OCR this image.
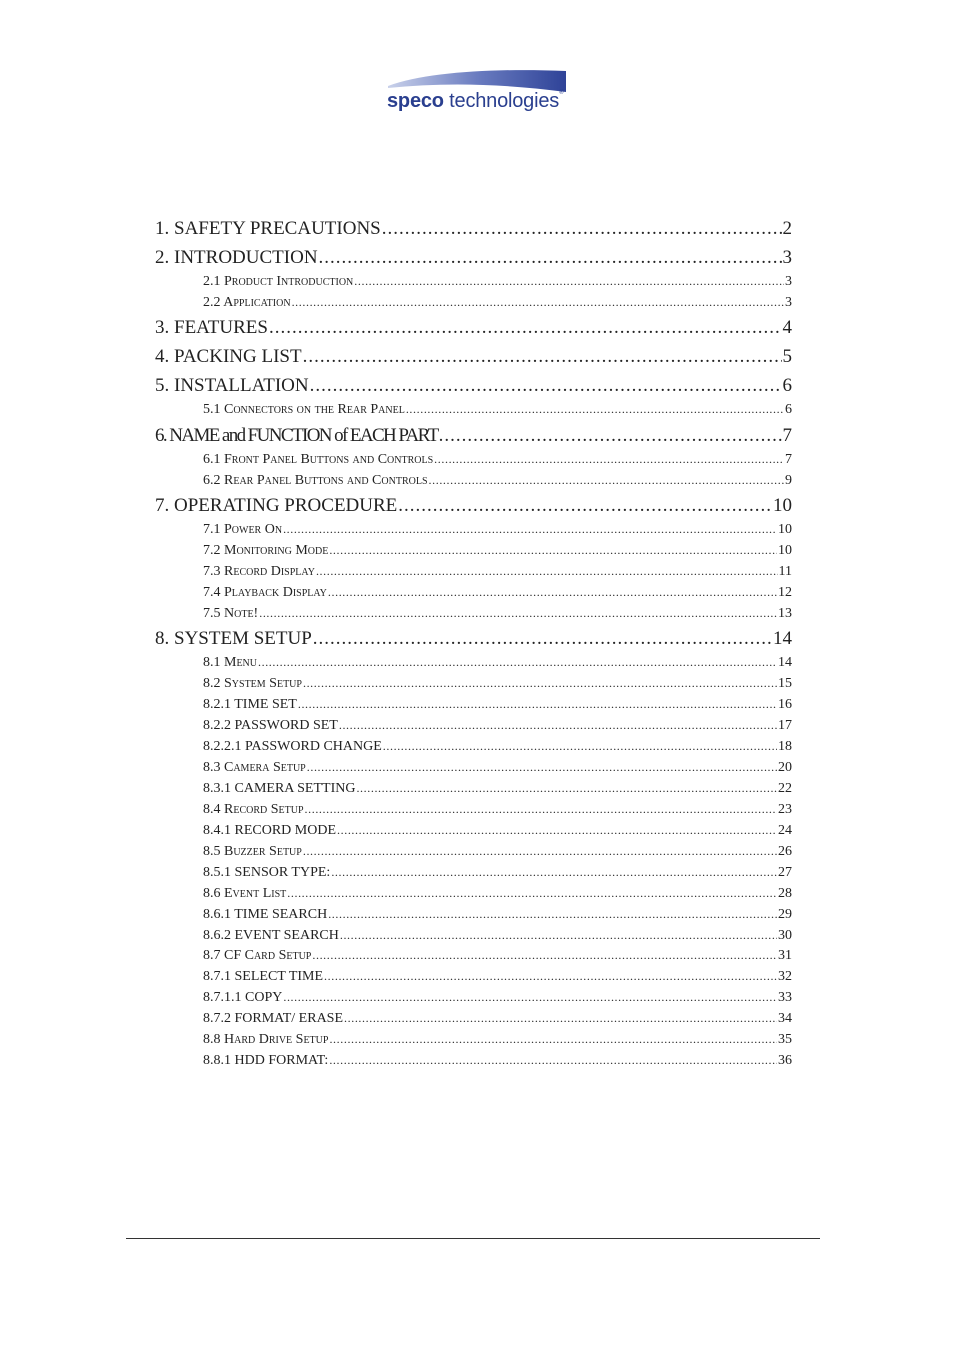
speco technologies®
1. SAFETY PRECAUTIONS .....	2
2. INTRODUCTION .....	3
2.1 Product Introduction .....	3
2.2 Application .....	3
3. FEATURES .....	4
4. PACKING LIST .....	5
5. INSTALLATION .....	6
5.1 Connectors on the Rear Panel .....	6
6. NAME and FUNCTION of EACH PART .....	7
6.1 Front Panel Buttons and Controls .....	7
6.2 Rear Panel Buttons and Controls .....	9
7. OPERATING PROCEDURE .....	10
7.1 Power On .....	10
7.2 Monitoring Mode .....	10
7.3 Record Display .....	11
7.4 Playback Display .....	12
7.5 Note! .....	13
8. SYSTEM SETUP .....	14
8.1 Menu .....	14
8.2 System Setup .....	15
8.2.1 TIME SET .....	16
8.2.2 PASSWORD SET .....	17
8.2.2.1 PASSWORD CHANGE .....	18
8.3 Camera Setup .....	20
8.3.1 CAMERA SETTING .....	22
8.4 Record Setup .....	23
8.4.1 RECORD MODE .....	24
8.5 Buzzer Setup .....	26
8.5.1 SENSOR TYPE: .....	27
8.6 Event List .....	28
8.6.1 TIME SEARCH .....	29
8.6.2 EVENT SEARCH .....	30
8.7 CF Card Setup .....	31
8.7.1 SELECT TIME .....	32
8.7.1.1 COPY .....	33
8.7.2 FORMAT/ ERASE .....	34
8.8 Hard Drive Setup .....	35
8.8.1 HDD FORMAT: .....	36
